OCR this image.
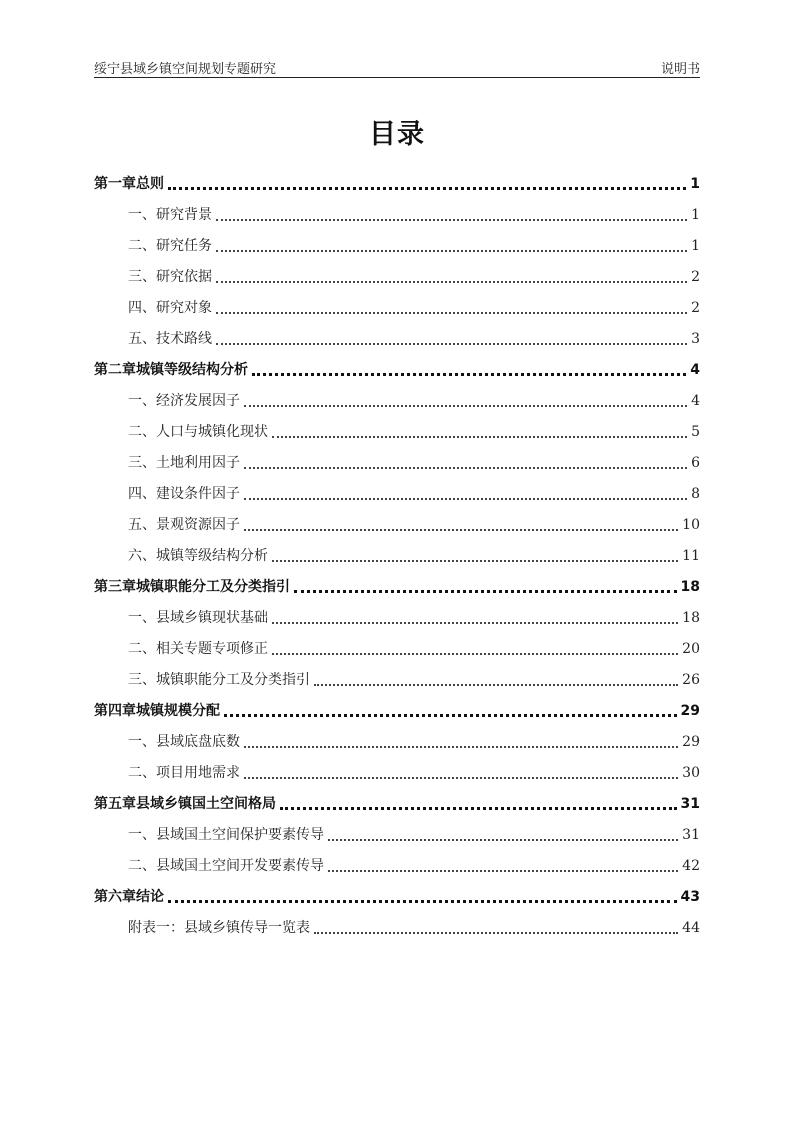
绥宁县域乡镇空间规划专题研究	说明书
目录
第一章总则	1
一、研究背景	1
二、研究任务	1
三、研究依据	2
四、研究对象	2
五、技术路线	3
第二章城镇等级结构分析	4
一、经济发展因子	4
二、人口与城镇化现状	5
三、土地利用因子	6
四、建设条件因子	8
五、景观资源因子	10
六、城镇等级结构分析	11
第三章城镇职能分工及分类指引	18
一、县域乡镇现状基础	18
二、相关专题专项修正	20
三、城镇职能分工及分类指引	26
第四章城镇规模分配	29
一、县域底盘底数	29
二、项目用地需求	30
第五章县域乡镇国土空间格局	31
一、县域国土空间保护要素传导	31
二、县域国土空间开发要素传导	42
第六章结论	43
附表一：县域乡镇传导一览表	44
